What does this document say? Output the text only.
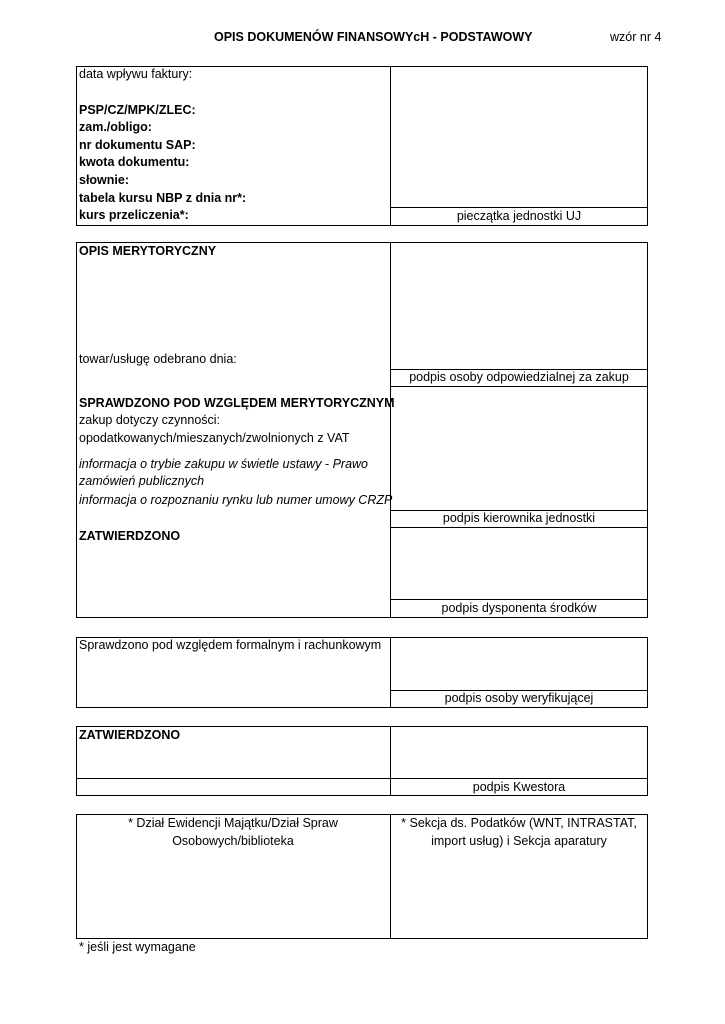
OPIS DOKUMENÓW FINANSOWYcH - PODSTAWOWY	wzór nr 4
data wpływu faktury:
PSP/CZ/MPK/ZLEC:
zam./obligo:
nr dokumentu SAP:
kwota dokumentu:
słownie:
tabela kursu NBP z dnia nr*:
kurs przeliczenia*:	pieczątka jednostki UJ
OPIS MERYTORYCZNY
towar/usługę odebrano dnia:
podpis osoby odpowiedzialnej za zakup
SPRAWDZONO POD WZGLĘDEM MERYTORYCZNYM
zakup dotyczy czynności:
opodatkowanych/mieszanych/zwolnionych z VAT
informacja o trybie zakupu w świetle ustawy - Prawo
zamówień publicznych
informacja o rozpoznaniu rynku lub numer umowy CRZP
podpis kierownika jednostki
ZATWIERDZONO
podpis dysponenta środków
Sprawdzono pod względem formalnym i rachunkowym
podpis osoby weryfikującej
ZATWIERDZONO
podpis Kwestora
* Dział Ewidencji Majątku/Dział Spraw
Osobowych/biblioteka
* Sekcja ds. Podatków (WNT, INTRASTAT,
import usług) i Sekcja aparatury
* jeśli jest wymagane
